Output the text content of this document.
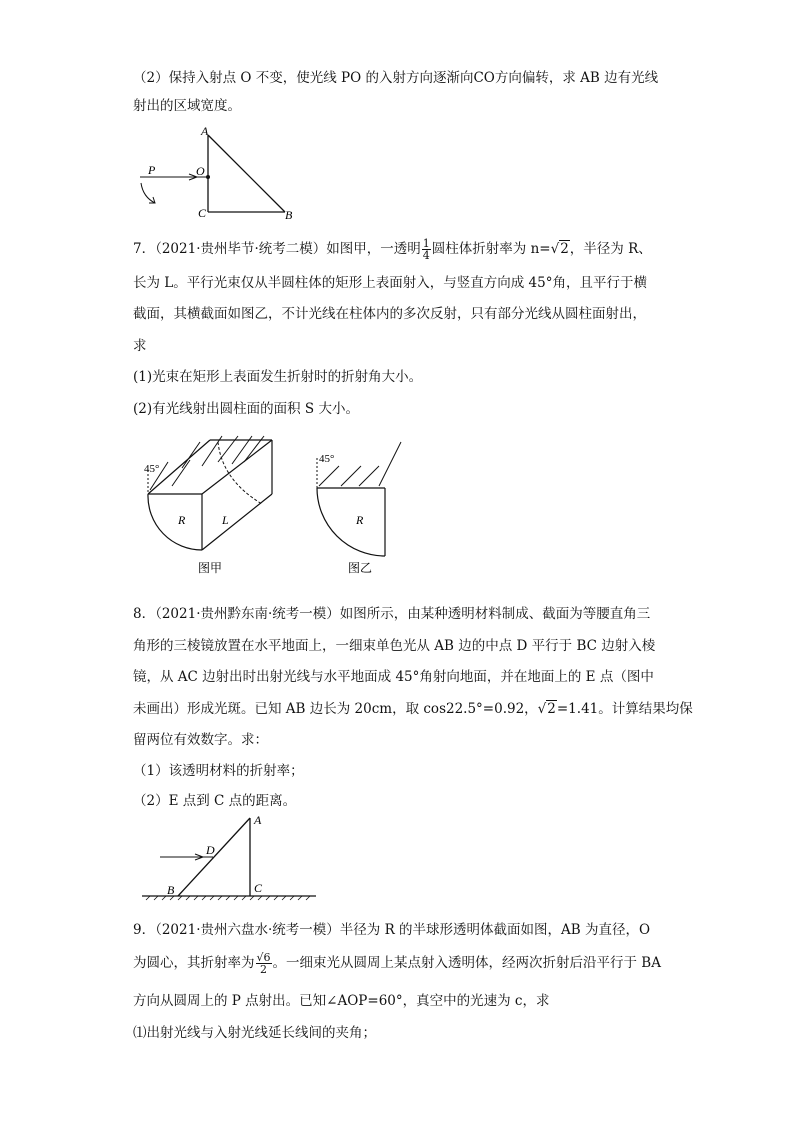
（2）保持入射点 O 不变，使光线 PO 的入射方向逐渐向CO方向偏转，求 AB 边有光线
射出的区域宽度。
A
P	O
C	B
7．（2021·贵州毕节·统考二模）如图甲，一透明 $\frac{1}{4}$ 圆柱体折射率为 n=√2，半径为 R、
长为 L。平行光束仅从半圆柱体的矩形上表面射入，与竖直方向成 45°角，且平行于横
截面，其横截面如图乙，不计光线在柱体内的多次反射，只有部分光线从圆柱面射出，
求
(1)光束在矩形上表面发生折射时的折射角大小。
(2)有光线射出圆柱面的面积 S 大小。
45°
R	L
图甲
45°
R
图乙
8．（2021·贵州黔东南·统考一模）如图所示，由某种透明材料制成、截面为等腰直角三
角形的三棱镜放置在水平地面上，一细束单色光从 AB 边的中点 D 平行于 BC 边射入棱
镜，从 AC 边射出时出射光线与水平地面成 45°角射向地面，并在地面上的 E 点（图中
未画出）形成光斑。已知 AB 边长为 20cm，取 cos22.5°=0.92，√2=1.41。计算结果均保
留两位有效数字。求：
（1）该透明材料的折射率；
（2）E 点到 C 点的距离。
A
D
B	C
9．（2021·贵州六盘水·统考一模）半径为 R 的半球形透明体截面如图，AB 为直径，O
为圆心，其折射率为 $\frac{√6}{2}$ 。一细束光从圆周上某点射入透明体，经两次折射后沿平行于 BA
方向从圆周上的 P 点射出。已知∠AOP=60°，真空中的光速为 c，求
⑴出射光线与入射光线延长线间的夹角；
